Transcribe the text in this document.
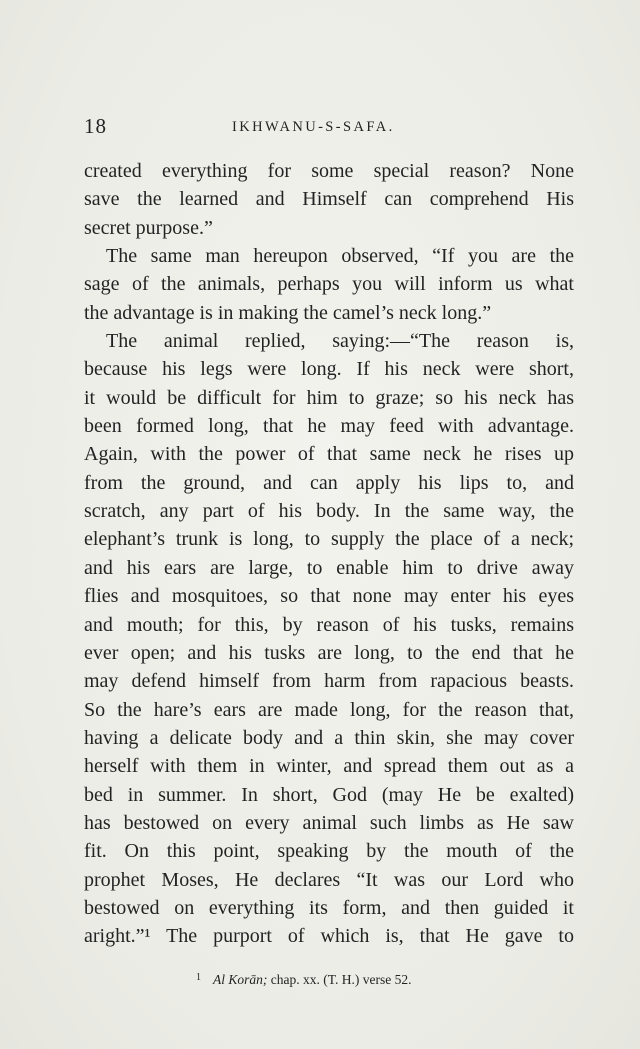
18	IKHWANU-S-SAFA.
created everything for some special reason? None
save the learned and Himself can comprehend His
secret purpose.”
The same man hereupon observed, “If you are the
sage of the animals, perhaps you will inform us what
the advantage is in making the camel’s neck long.”
The animal replied, saying:—“The reason is,
because his legs were long. If his neck were short,
it would be difficult for him to graze; so his neck has
been formed long, that he may feed with advantage.
Again, with the power of that same neck he rises up
from the ground, and can apply his lips to, and
scratch, any part of his body. In the same way, the
elephant’s trunk is long, to supply the place of a neck;
and his ears are large, to enable him to drive away
flies and mosquitoes, so that none may enter his eyes
and mouth; for this, by reason of his tusks, remains
ever open; and his tusks are long, to the end that he
may defend himself from harm from rapacious beasts.
So the hare’s ears are made long, for the reason that,
having a delicate body and a thin skin, she may cover
herself with them in winter, and spread them out as a
bed in summer. In short, God (may He be exalted)
has bestowed on every animal such limbs as He saw
fit. On this point, speaking by the mouth of the
prophet Moses, He declares “It was our Lord who
bestowed on everything its form, and then guided it
aright.”¹ The purport of which is, that He gave to
$^1$ Al Korān; chap. xx. (T. H.) verse 52.
